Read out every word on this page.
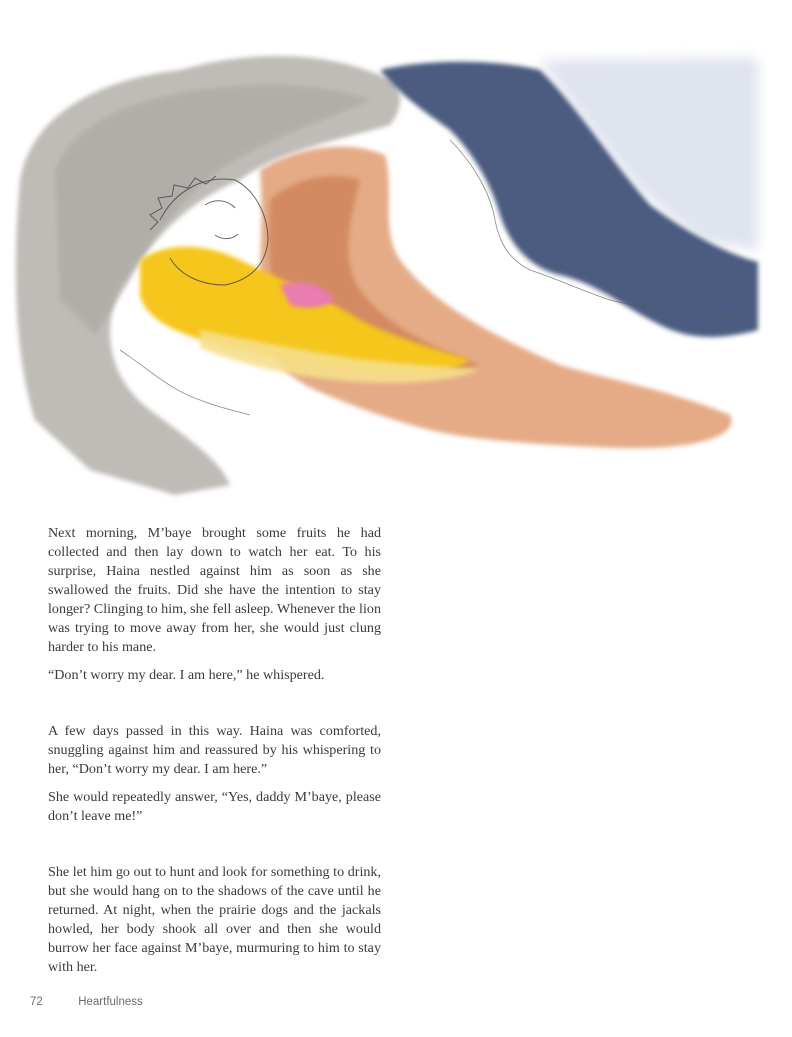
Next morning, M’baye brought some fruits he had collected and then lay down to watch her eat. To his surprise, Haina nestled against him as soon as she swallowed the fruits. Did she have the intention to stay longer? Clinging to him, she fell asleep. Whenever the lion was trying to move away from her, she would just clung harder to his mane.

“Don’t worry my dear. I am here,” he whispered.

A few days passed in this way. Haina was comforted, snuggling against him and reassured by his whispering to her, “Don’t worry my dear. I am here.”

She would repeatedly answer, “Yes, daddy M’baye, please don’t leave me!”

She let him go out to hunt and look for something to drink, but she would hang on to the shadows of the cave until he returned. At night, when the prairie dogs and the jackals howled, her body shook all over and then she would burrow her face against M’baye, murmuring to him to stay with her.

72	Heartfulness
